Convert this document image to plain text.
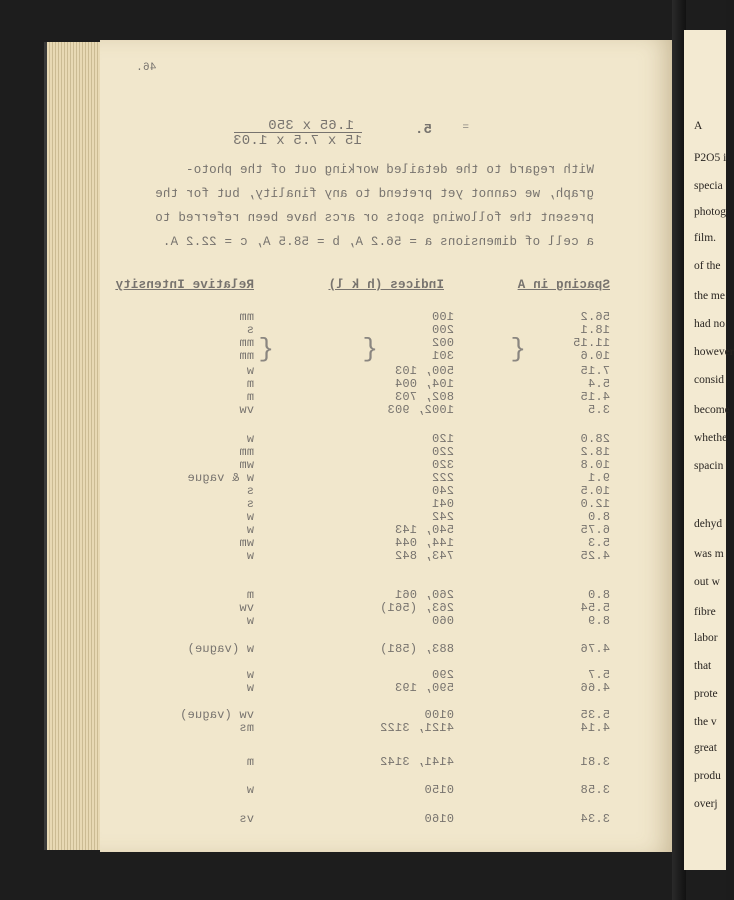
A
P2O5 i
specia
photog
film.
of the
the me
had no
however
consid
become
whethe
spacin
dehyd
was m
out w
fibre
labor
that
prote
the v
great
produ
overj
46.
1.65 x 350
15 x 7.5 x 1.03
=
5.
With regard to the detailed working out of the photo-
graph, we cannot yet pretend to any finality, but for the
present the following spots or arcs have been referred to
a cell of dimensions a = 56.2 A, b = 58.5 A, c = 22.2 A.
Spacing in A
Indices (h k l)
Relative Intensity
{
{
{
56.2
100
mm
18.1
200
s
11.15
002
mm
10.6
301
mm
7.15
500, 103
w
5.4
104, 004
m
4.15
802, 703
m
3.5
1002, 903
vw
28.0
120
w
18.2
220
mm
10.8
320
wm
9.1
222
w & vague
10.5
240
s
12.0
041
s
8.0
242
w
6.75
540, 143
w
5.3
144, 044
wm
4.25
743, 842
w
8.0
260, 061
m
5.54
263, (561)
vw
8.9
060
w
4.76
883, (581)
w (vague)
5.7
290
w
4.66
590, 193
w
5.35
0100
vw (vague)
4.14
4121, 3122
ms
3.81
4141, 3142
m
3.58
0150
w
3.34
0160
vs
